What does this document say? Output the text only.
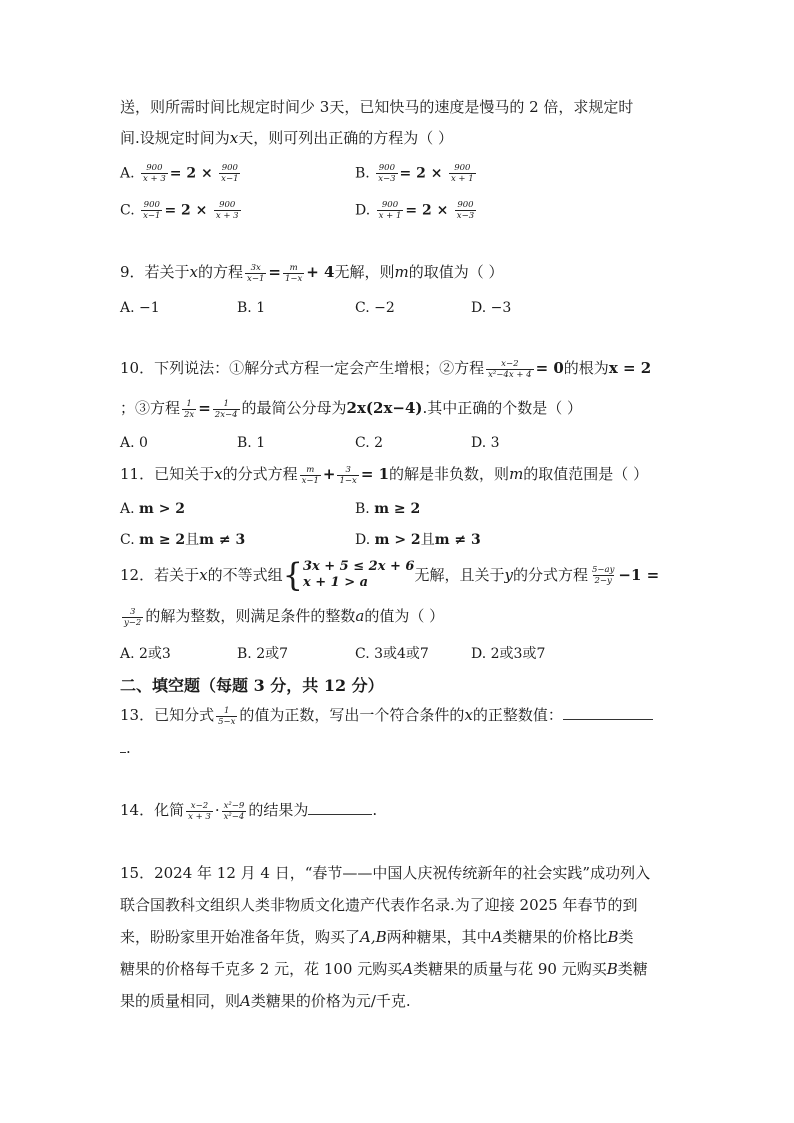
送，则所需时间比规定时间少 3天，已知快马的速度是慢马的 2 倍，求规定时
间.设规定时间为x天，则可列出正确的方程为（ ）
A. $\frac{900}{x + 3} = 2 \times \frac{900}{x-1}$	B. $\frac{900}{x-3} = 2 \times \frac{900}{x + 1}$
C. $\frac{900}{x-1} = 2 \times \frac{900}{x + 3}$	D. $\frac{900}{x + 1} = 2 \times \frac{900}{x-3}$
9．若关于x的方程 $\frac{3x}{x-1} = \frac{m}{1-x} + 4$无解，则m的取值为（ ）
A. −1	B. 1	C. −2	D. −3
10．下列说法：①解分式方程一定会产生增根；②方程 $\frac{x-2}{\text{x²−4x + 4}} = 0$的根为x = 2
；③方程 $\frac{1}{2x} = \frac{1}{2x-4}$ 的最简公分母为2x(2x−4).其中正确的个数是（ ）
A. 0	B. 1	C. 2	D. 3
11．已知关于x的分式方程 $\frac{m}{x-1} + \frac{3}{1-x} = 1$的解是非负数，则m的取值范围是（ ）
A. m > 2	B. m ≥ 2
C. m ≥ 2且m ≠ 3	D. m > 2且m ≠ 3
12．若关于 x 的不等式组 { 3x + 5 ≤ 2x + 6
x + 1 > a	无解，且关于 y 的分式方程 $\frac{5-ay}{2-y} -1$ =
$\frac{3}{y-2}$ 的解为整数，则满足条件的整数a的值为（ ）
A. 2或3	B. 2或7	C. 3或4或7	D. 2或3或7
二、填空题（每题 3 分，共 12 分）
13．已知分式 $\frac{1}{5-x}$ 的值为正数，写出一个符合条件的x的正整数值：
.
14．化简 $\frac{x-2}{x + 3} \cdot \frac{\text{x²−9}}{\text{x²−4}}$ 的结果为	.
15．2024 年 12 月 4 日，“春节——中国人庆祝传统新年的社会实践”成功列入
联合国教科文组织人类非物质文化遗产代表作名录.为了迎接 2025 年春节的到
来，盼盼家里开始准备年货，购买了A,B两种糖果，其中A类糖果的价格比B类
糖果的价格每千克多 2 元，花 100 元购买A类糖果的质量与花 90 元购买B类糖
果的质量相同，则A类糖果的价格为元/千克.
